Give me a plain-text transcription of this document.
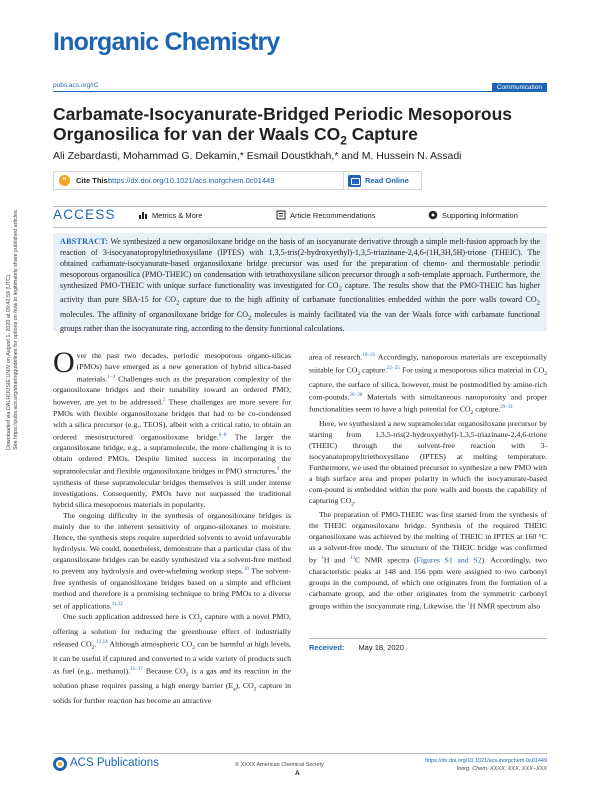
Inorganic Chemistry
pubs.acs.org/IC	Communication
Carbamate-Isocyanurate-Bridged Periodic Mesoporous Organosilica for van der Waals $CO_2$ Capture
Ali Zebardasti, Mohammad G. Dekamin,* Esmail Doustkhah,* and M. Hussein N. Assadi
❝	Cite This:
https://dx.doi.org/10.1021/acs.inorgchem.0c01449	Read Online
ACCESS	Metrics & More	Article Recommendations	Supporting Information

ABSTRACT: We synthesized a new organosiloxane bridge on the basis of an isocyanurate derivative through a simple melt-fusion approach by the reaction of 3-isocyanatopropyltriethoxysilane (IPTES) with 1,3,5-tris(2-hydroxyethyl)-1,3,5-triazinane-2,4,6-(1H,3H,5H)-trione (THEIC). The obtained carbamate-isocyanurate-based organosiloxane bridge precursor was used for the preparation of chemo- and thermostable periodic mesoporous organosilica (PMO-THEIC) on condensation with tetrathoxysilane silicon precursor through a soft-template approach. Furthermore, the synthesized PMO-THEIC with unique surface functionality was investigated for $CO_2$ capture. The results show that the PMO-THEIC has higher activity than pure SBA-15 for $CO_2$ capture due to the high affinity of carbamate functionalities embedded within the pore walls toward $CO_2$ molecules. The affinity of organosiloxane bridge for $CO_2$ molecules is mainly facilitated via the van der Waals force with carbamate functional groups rather than the isocyanurate ring, according to the density functional calculations.

Over the past two decades, periodic mesoporous organo-silicas (PMOs) have emerged as a new generation of hybrid silica-based materials.$^{1-4}$ Challenges such as the preparation complexity of the organosiloxane bridges and their tunability toward an ordered PMO, however, are yet to be addressed.$^5$ These challenges are more severe for PMOs with flexible organosiloxane bridges that had to be co-condensed with a silica precursor (e.g., TEOS), albeit with a critical ratio, to obtain an ordered mesostructured organosiloxane bridge.$^{6-8}$ The larger the organosiloxane bridge, e.g., a supramolecule, the more challenging it is to obtain ordered PMOs. Despite limited success in incorporating the supramolecular and flexible organosiloxane bridges in PMO structures,$^9$ the synthesis of these supramolecular bridges themselves is still under intense investigations. Consequently, PMOs have not surpassed the traditional hybrid silica mesoporous materials in popularity.

The ongoing difficulty in the synthesis of organosiloxane bridges is mainly due to the inherent sensitivity of organo-siloxanes to moisture. Hence, the synthesis steps require superdried solvents to avoid unfavorable hydrolysis. We could, nonetheless, demonstrate that a particular class of the organosiloxane bridges can be easily synthesized via a solvent-free method to prevent any hydrolysis and over-whelming workup steps.$^{10}$ The solvent-free synthesis of organosiloxane bridges based on a simple and efficient method and therefore is a promising technique to bring PMOs to a diverse set of applications.$^{11,12}$

One such application addressed here is $CO_2$ capture with a novel PMO, offering a solution for reducing the greenhouse effect of industrially released $CO_2.^{13,14}$ Although atmospheric $CO_2$ can be harmful at high levels, it can be useful if captured and converted to a wide variety of products such as fuel (e.g., methanol).$^{15-17}$ Because $CO_2$ is a gas and its reaction in the solution phase requires passing a high energy barrier $(E_a)$, $CO_2$ capture in solids for further reaction has become an attractive

area of research.$^{18-21}$ Accordingly, nanoporous materials are exceptionally suitable for $CO_2$ capture.$^{22-25}$ For using a mesoporous silica material in $CO_2$ capture, the surface of silica, however, must be postmodified by amine-rich com-pounds.$^{26-28}$ Materials with simultaneous nanoporosity and proper functionalities seem to have a high potential for $CO_2$ capture.$^{29-31}$

Here, we synthesized a new supramolecular organosiloxane precursor by starting from 1,3,5-tris(2-hydroxyethyl)-1,3,5-triazinane-2,4,6-trione (THEIC) through the solvent-free reaction with 3-isocyanatopropyltriethoxysilane (IPTES) at melting temperature. Furthermore, we used the obtained precursor to synthesize a new PMO with a high surface area and proper polarity in which the isocyanurate-based com-pound is embedded within the pore walls and boosts the capability of capturing $CO_2$.

The preparation of PMO-THEIC was first started from the synthesis of the THEIC organosiloxane bridge. Synthesis of the required THEIC organosiloxane was achieved by the melting of THEIC in IPTES at 160 °C as a solvent-free mode. The structure of the THEIC bridge was confirmed by $^1$H and $^{13}$C NMR spectra (Figures S1 and S2). Accordingly, two characteristic peaks at 148 and 156 ppm were assigned to two carbonyl groups in the compound, of which one originates from the formation of a carbamate group, and the other originates from the symmetric carbonyl groups within the isocyanurate ring. Likewise, the $^1$H NMR spectrum also

Received: May 18, 2020
Downloaded via DALHOUSIE UNIV on August 1, 2020 at 09:42:59 (UTC). See https://pubs.acs.org/sharingguidelines for options on how to legitimately share published articles.
ACS Publications	© XXXX American Chemical Society
A
https://dx.doi.org/10.1021/acs.inorgchem.0c01449
Inorg. Chem. XXXX, XXX, XXX−XXX
